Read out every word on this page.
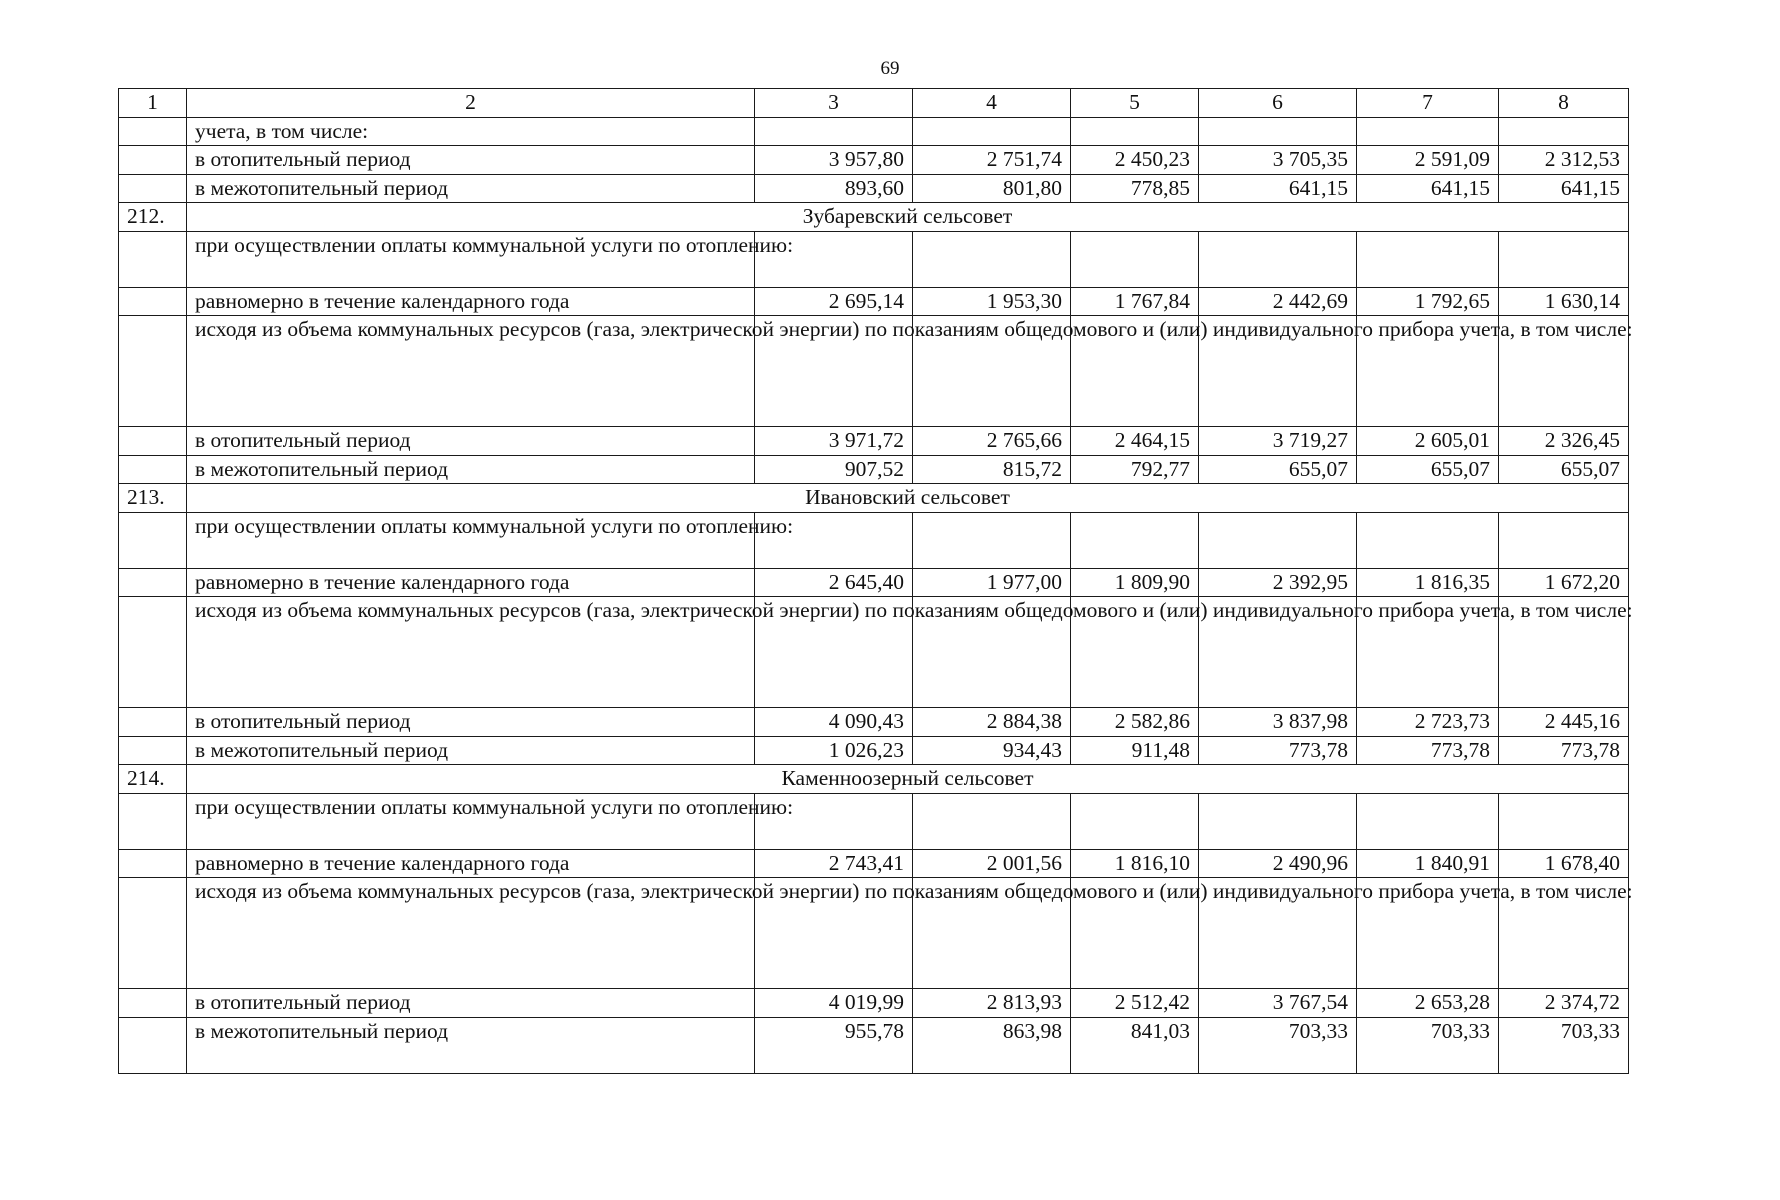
69
1	2	3	4	5	6	7	8
	учета, в том числе:						
	в отопительный период	3 957,80	2 751,74	2 450,23	3 705,35	2 591,09	2 312,53
	в межотопительный период	893,60	801,80	778,85	641,15	641,15	641,15
212.	Зубаревский сельсовет						
	при осуществлении оплаты коммунальной услуги по отоплению:						
	равномерно в течение календарного года	2 695,14	1 953,30	1 767,84	2 442,69	1 792,65	1 630,14
	исходя из объема коммунальных ресурсов (газа, электрической энергии) по показаниям общедомового и (или) индивидуального прибора учета, в том числе:						
	в отопительный период	3 971,72	2 765,66	2 464,15	3 719,27	2 605,01	2 326,45
	в межотопительный период	907,52	815,72	792,77	655,07	655,07	655,07
213.	Ивановский сельсовет						
	при осуществлении оплаты коммунальной услуги по отоплению:						
	равномерно в течение календарного года	2 645,40	1 977,00	1 809,90	2 392,95	1 816,35	1 672,20
	исходя из объема коммунальных ресурсов (газа, электрической энергии) по показаниям общедомового и (или) индивидуального прибора учета, в том числе:						
	в отопительный период	4 090,43	2 884,38	2 582,86	3 837,98	2 723,73	2 445,16
	в межотопительный период	1 026,23	934,43	911,48	773,78	773,78	773,78
214.	Каменноозерный сельсовет						
	при осуществлении оплаты коммунальной услуги по отоплению:						
	равномерно в течение календарного года	2 743,41	2 001,56	1 816,10	2 490,96	1 840,91	1 678,40
	исходя из объема коммунальных ресурсов (газа, электрической энергии) по показаниям общедомового и (или) индивидуального прибора учета, в том числе:						
	в отопительный период	4 019,99	2 813,93	2 512,42	3 767,54	2 653,28	2 374,72
	в межотопительный период	955,78	863,98	841,03	703,33	703,33	703,33
